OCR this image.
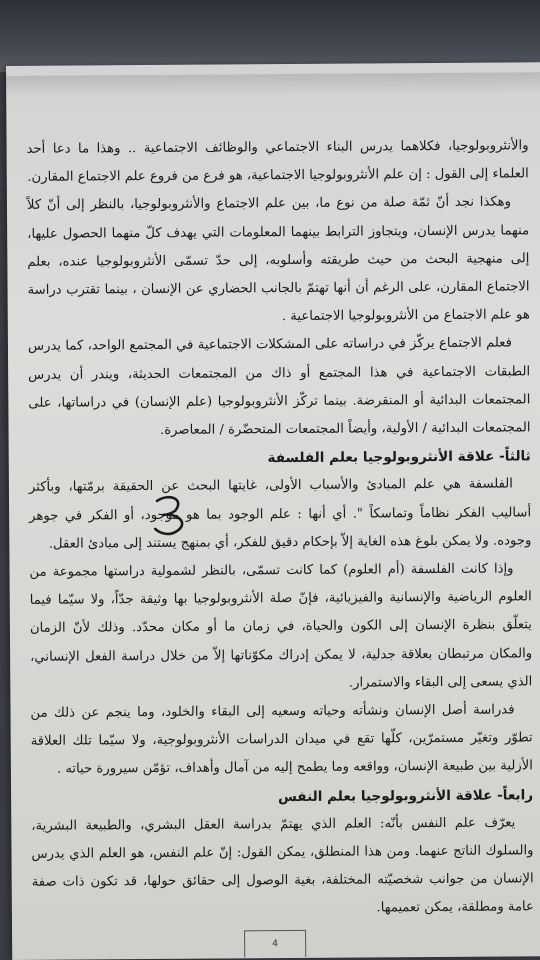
والأنثروبولوجيا، فكلاهما يدرس البناء الاجتماعي والوظائف الاجتماعية .. وهذا ما دعا أحد العلماء إلى القول : إن علم الأنثروبولوجيا الاجتماعية، هو فرع من فروع علم الاجتماع المقارن.

وهكذا نجد أنّ ثمّة صلة من نوع ما، بين علم الاجتماع والأنثروبولوجيا، بالنظر إلى أنّ كلاً منهما يدرس الإنسان، ويتجاوز الترابط بينهما المعلومات التي يهدف كلّ منهما الحصول عليها، إلى منهجية البحث من حيث طريقته وأسلوبه، إلى حدّ تسمّى الأنثروبولوجيا عنده، بعلم الاجتماع المقارن، على الرغم أن أنها تهتمّ بالجانب الحضاري عن الإنسان ، بينما تقترب دراسة هو علم الاجتماع من الأنثروبولوجيا الاجتماعية .

فعلم الاجتماع يركّز في دراساته على المشكلات الاجتماعية في المجتمع الواحد، كما يدرس الطبقات الاجتماعية في هذا المجتمع أو ذاك من المجتمعات الحديثة، ويندر أن يدرس المجتمعات البدائية أو المنقرضة. بينما تركّز الأنثروبولوجيا (علم الإنسان) في دراساتها، على المجتمعات البدائية / الأولية، وأيضاً المجتمعات المتحضّرة / المعاصرة.

ثالثاً- علاقة الأنثروبولوجيا بعلم الفلسفة

الفلسفة هي علم المبادئ والأسباب الأولى، غايتها البحث عن الحقيقة برمّتها، وبأكثر أساليب الفكر نظاماً وتماسكاً ". أي أنها : علم الوجود بما هو موجود، أو الفكر في جوهر وجوده. ولا يمكن بلوغ هذه الغاية إلاّ بإحكام دقيق للفكر، أي بمنهج يستند إلى مبادئ العقل.

وإذا كانت الفلسفة (أم العلوم) كما كانت تسمّى، بالنظر لشمولية دراستها مجموعة من العلوم الرياضية والإنسانية والفيزيائية، فإنّ صلة الأنثروبولوجيا بها وثيقة جدّاً، ولا سيّما فيما يتعلّق بنظرة الإنسان إلى الكون والحياة، في زمان ما أو مكان محدّد. وذلك لأنّ الزمان والمكان مرتبطان بعلاقة جدلية، لا يمكن إدراك مكوّناتها إلاّ من خلال دراسة الفعل الإنساني، الذي يسعى إلى البقاء والاستمرار.

فدراسة أصل الإنسان ونشأته وحياته وسعيه إلى البقاء والخلود، وما ينجم عن ذلك من تطوّر وتغيّر مستمرّين، كلّها تقع في ميدان الدراسات الأنثروبولوجية، ولا سيّما تلك العلاقة الأزلية بين طبيعة الإنسان، وواقعه وما يطمح إليه من آمال وأهداف، تؤمّن سيرورة حياته .

رابعاً- علاقة الأنثروبولوجيا بعلم النفس

يعرّف علم النفس بأنّه: العلم الذي يهتمّ بدراسة العقل البشري، والطبيعة البشرية، والسلوك الناتج عنهما. ومن هذا المنطلق، يمكن القول: إنّ علم النفس، هو العلم الذي يدرس الإنسان من جوانب شخصيّته المختلفة، بغية الوصول إلى حقائق حولها، قد تكون ذات صفة عامة ومطلقة، يمكن تعميمها.

4
